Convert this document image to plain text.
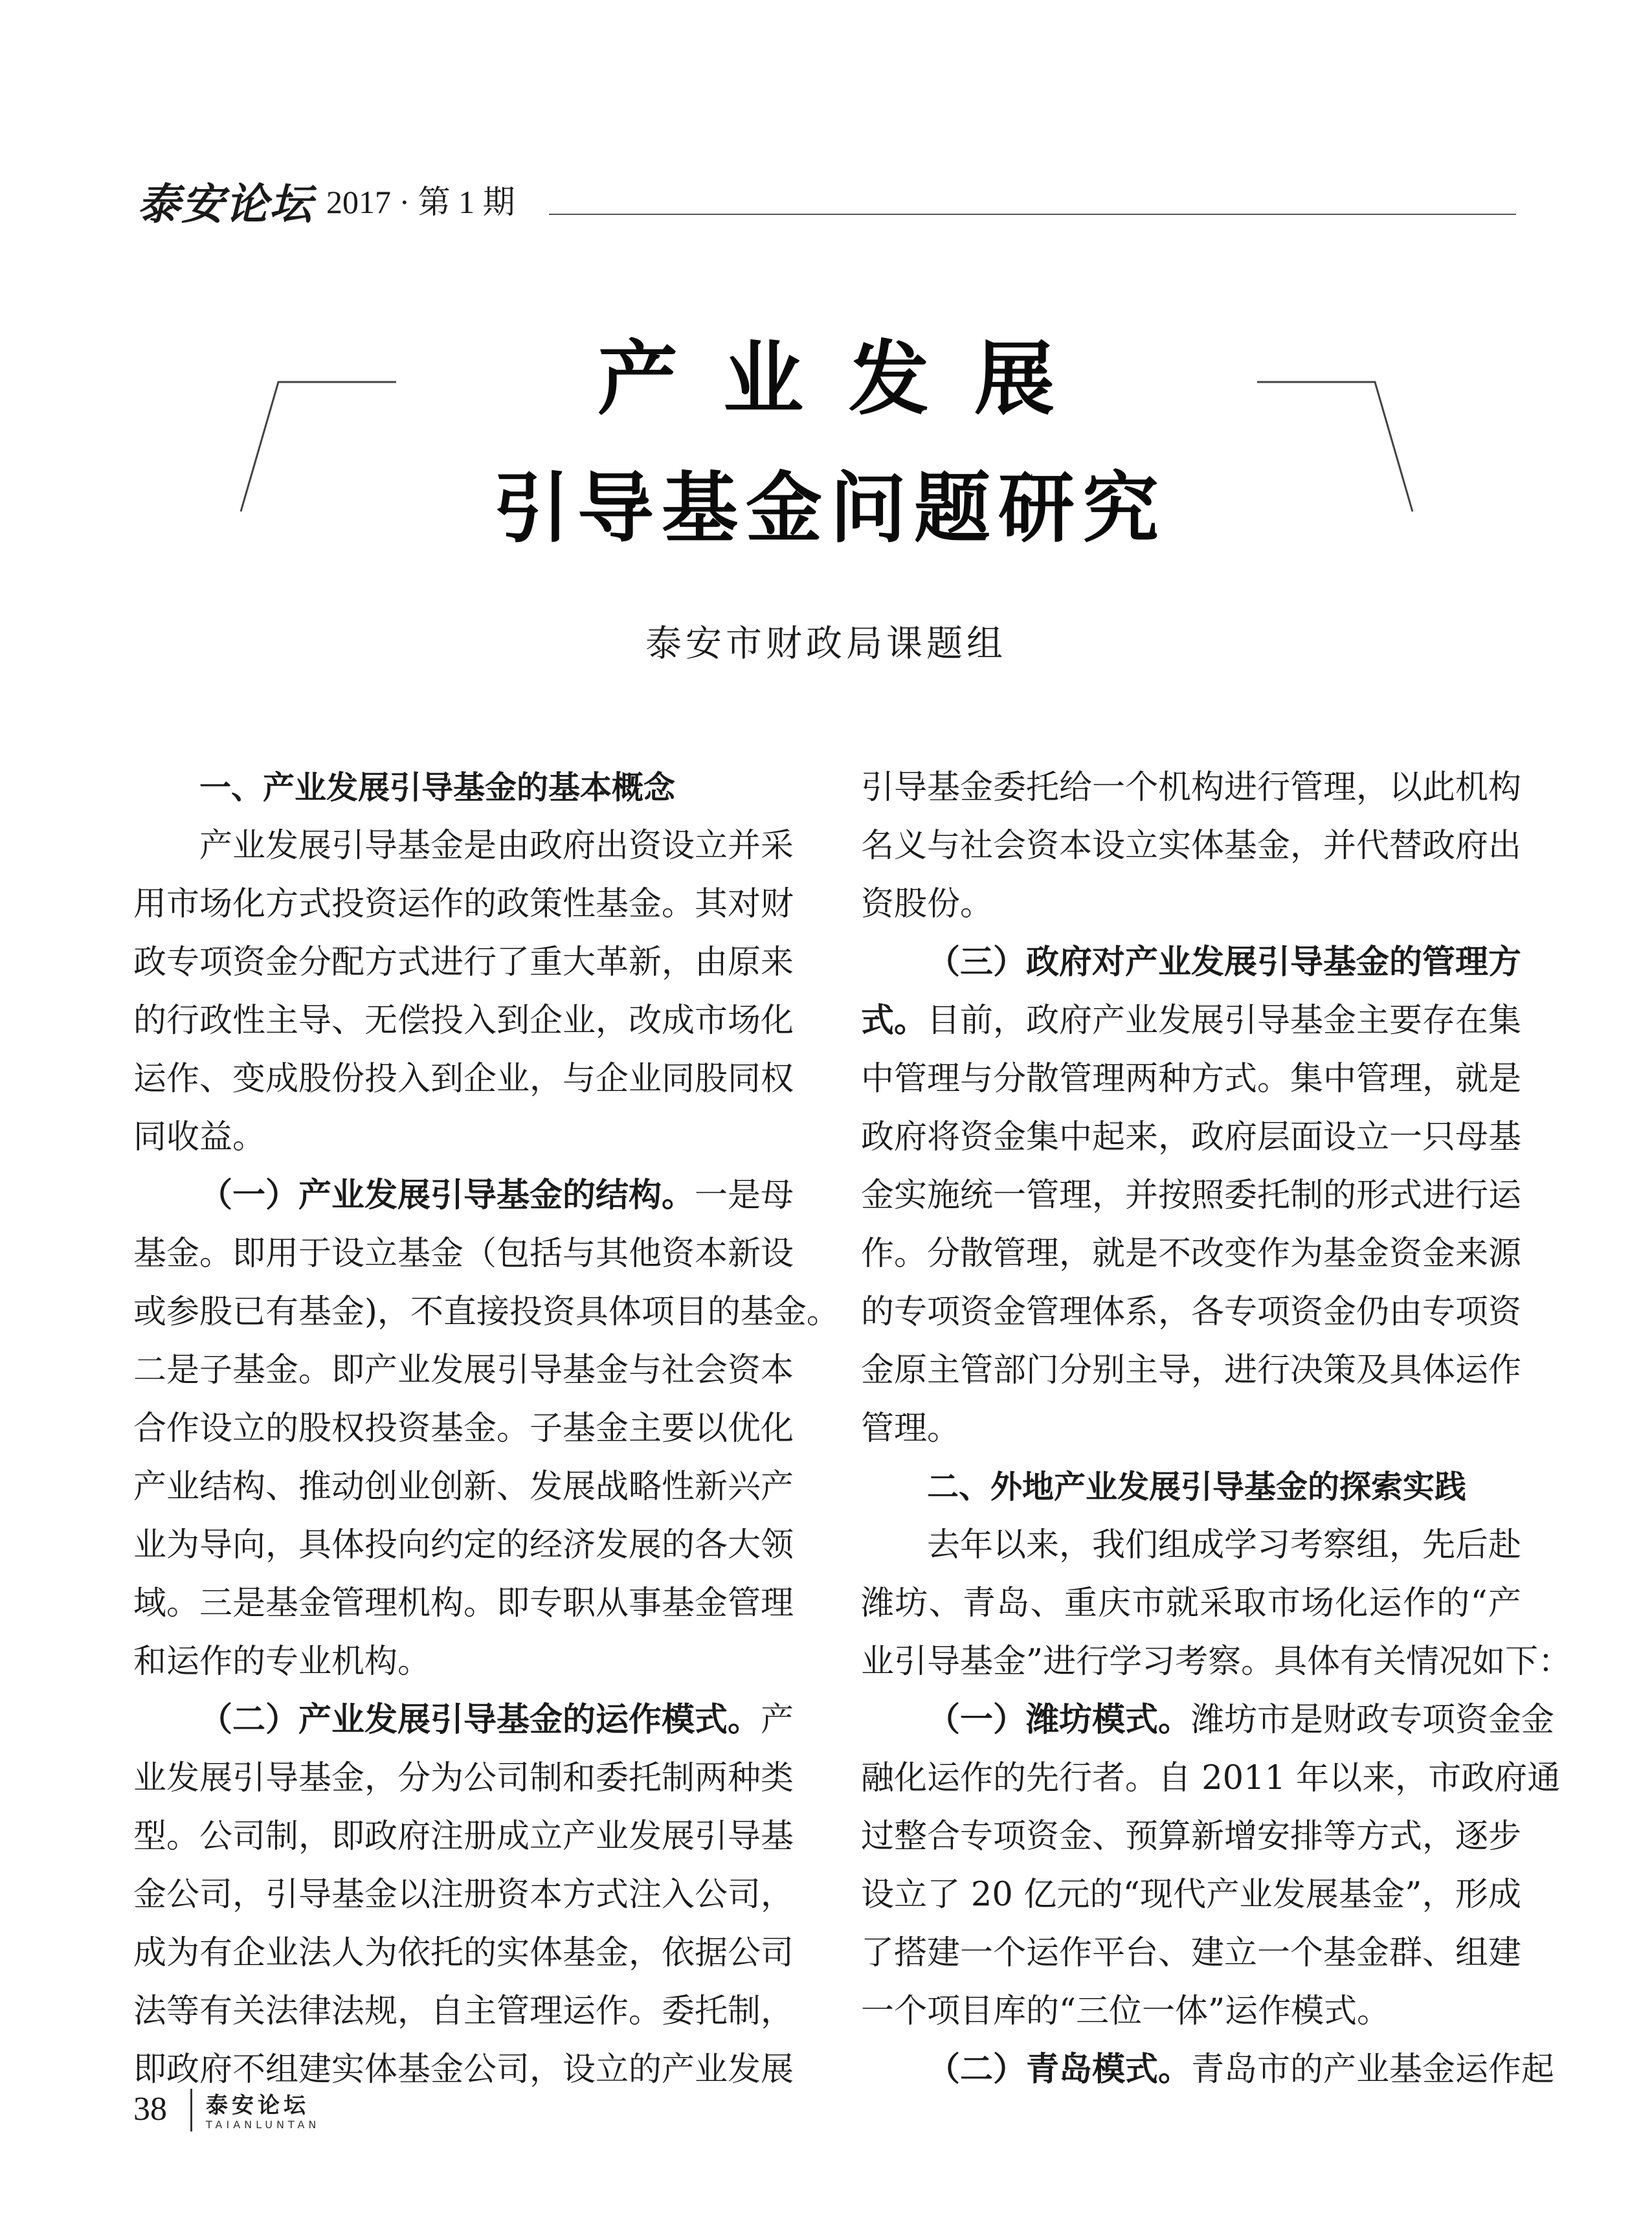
泰安论坛 2017 · 第 1 期
产业发展
引导基金问题研究
泰安市财政局课题组
一、产业发展引导基金的基本概念
产业发展引导基金是由政府出资设立并采
用市场化方式投资运作的政策性基金。其对财
政专项资金分配方式进行了重大革新，由原来
的行政性主导、无偿投入到企业，改成市场化
运作、变成股份投入到企业，与企业同股同权
同收益。
（一）产业发展引导基金的结构。一是母
基金。即用于设立基金（包括与其他资本新设
或参股已有基金)，不直接投资具体项目的基金。
二是子基金。即产业发展引导基金与社会资本
合作设立的股权投资基金。子基金主要以优化
产业结构、推动创业创新、发展战略性新兴产
业为导向，具体投向约定的经济发展的各大领
域。三是基金管理机构。即专职从事基金管理
和运作的专业机构。
（二）产业发展引导基金的运作模式。产
业发展引导基金，分为公司制和委托制两种类
型。公司制，即政府注册成立产业发展引导基
金公司，引导基金以注册资本方式注入公司，
成为有企业法人为依托的实体基金，依据公司
法等有关法律法规，自主管理运作。委托制，
即政府不组建实体基金公司，设立的产业发展
引导基金委托给一个机构进行管理，以此机构
名义与社会资本设立实体基金，并代替政府出
资股份。
（三）政府对产业发展引导基金的管理方
式。目前，政府产业发展引导基金主要存在集
中管理与分散管理两种方式。集中管理，就是
政府将资金集中起来，政府层面设立一只母基
金实施统一管理，并按照委托制的形式进行运
作。分散管理，就是不改变作为基金资金来源
的专项资金管理体系，各专项资金仍由专项资
金原主管部门分别主导，进行决策及具体运作
管理。
二、外地产业发展引导基金的探索实践
去年以来，我们组成学习考察组，先后赴
潍坊、青岛、重庆市就采取市场化运作的“产
业引导基金”进行学习考察。具体有关情况如下：
（一）潍坊模式。潍坊市是财政专项资金金
融化运作的先行者。自 2011 年以来，市政府通
过整合专项资金、预算新增安排等方式，逐步
设立了 20 亿元的“现代产业发展基金”，形成
了搭建一个运作平台、建立一个基金群、组建
一个项目库的“三位一体”运作模式。
（二）青岛模式。青岛市的产业基金运作起
38 泰安论坛
TAIANLUNTAN
